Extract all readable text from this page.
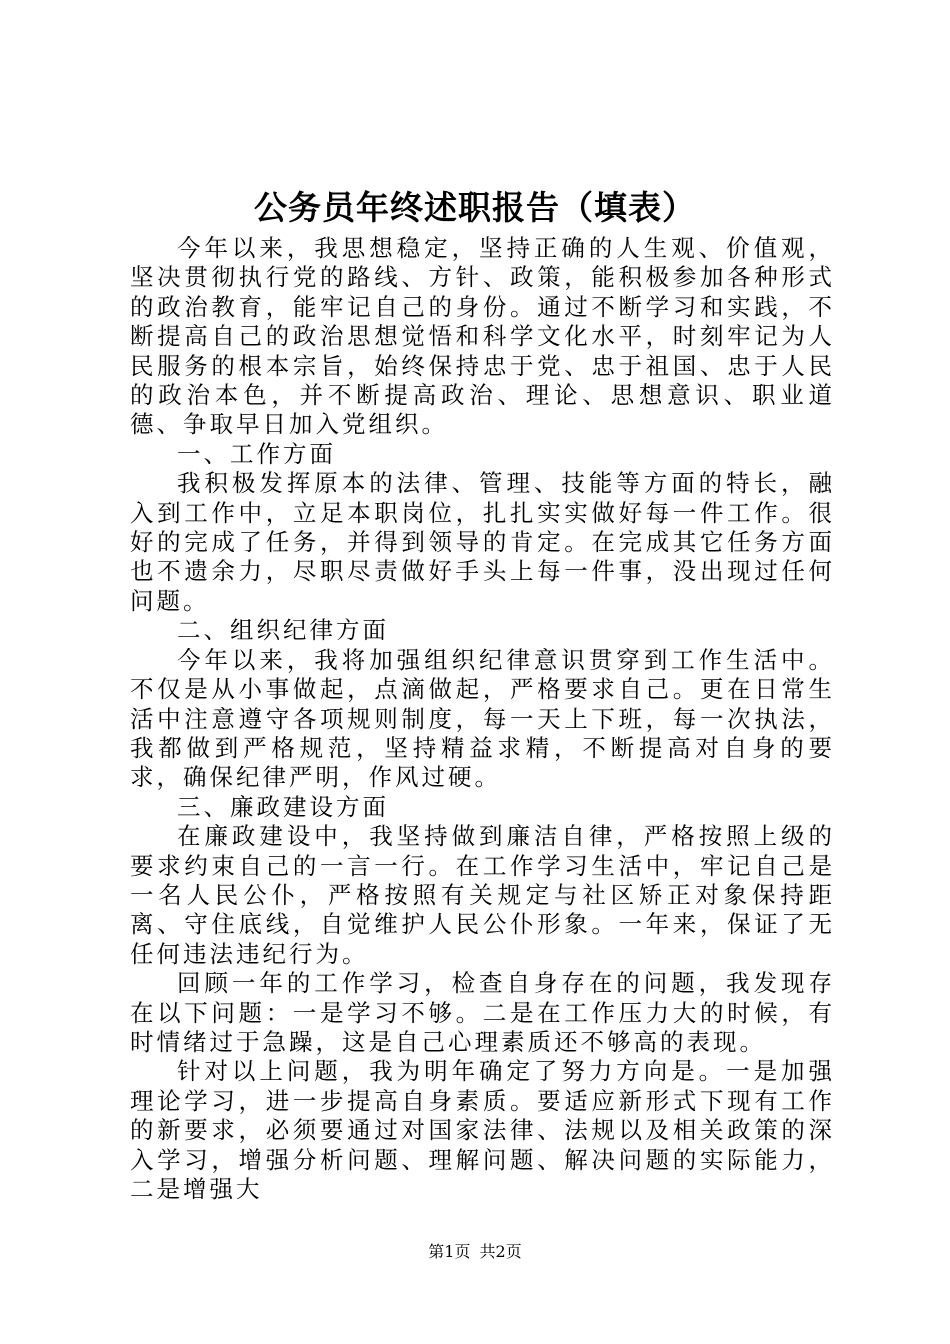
公务员年终述职报告（填表）

今年以来，我思想稳定，坚持正确的人生观、价值观，坚决贯彻执行党的路线、方针、政策，能积极参加各种形式的政治教育，能牢记自己的身份。通过不断学习和实践，不断提高自己的政治思想觉悟和科学文化水平，时刻牢记为人民服务的根本宗旨，始终保持忠于党、忠于祖国、忠于人民的政治本色，并不断提高政治、理论、思想意识、职业道德、争取早日加入党组织。

一、工作方面

我积极发挥原本的法律、管理、技能等方面的特长，融入到工作中，立足本职岗位，扎扎实实做好每一件工作。很好的完成了任务，并得到领导的肯定。在完成其它任务方面也不遗余力，尽职尽责做好手头上每一件事，没出现过任何问题。

二、组织纪律方面

今年以来，我将加强组织纪律意识贯穿到工作生活中。不仅是从小事做起，点滴做起，严格要求自己。更在日常生活中注意遵守各项规则制度，每一天上下班，每一次执法，我都做到严格规范，坚持精益求精，不断提高对自身的要求，确保纪律严明，作风过硬。

三、廉政建设方面

在廉政建设中，我坚持做到廉洁自律，严格按照上级的要求约束自己的一言一行。在工作学习生活中，牢记自己是一名人民公仆，严格按照有关规定与社区矫正对象保持距离、守住底线，自觉维护人民公仆形象。一年来，保证了无任何违法违纪行为。

回顾一年的工作学习，检查自身存在的问题，我发现存在以下问题：一是学习不够。二是在工作压力大的时候，有时情绪过于急躁，这是自己心理素质还不够高的表现。

针对以上问题，我为明年确定了努力方向是。一是加强理论学习，进一步提高自身素质。要适应新形式下现有工作的新要求，必须要通过对国家法律、法规以及相关政策的深入学习，增强分析问题、理解问题、解决问题的实际能力，二是增强大

第1页 共2页
